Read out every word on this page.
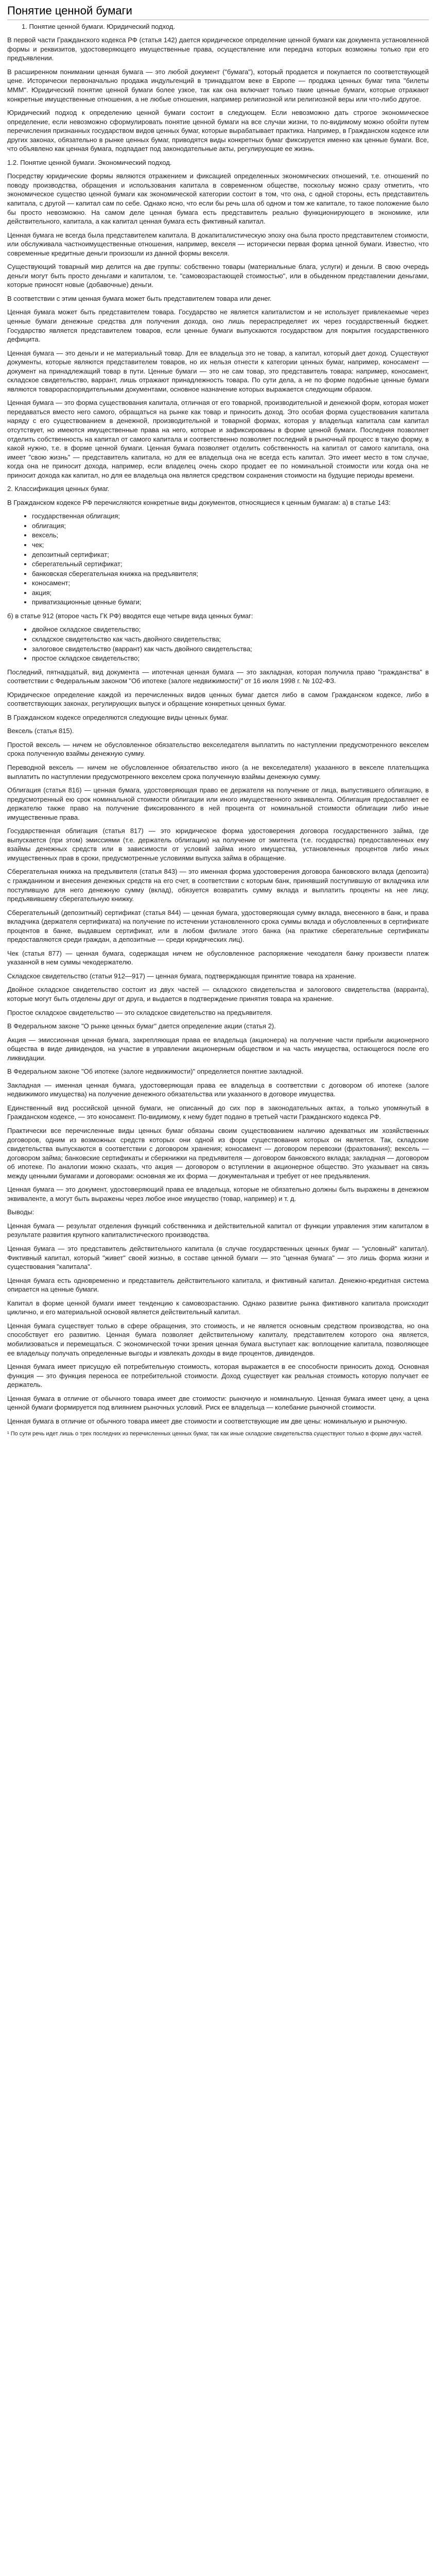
Понятие ценной бумаги
1. Понятие ценной бумаги. Юридический подход.

В первой части Гражданского кодекса РФ (статья 142) дается юридическое определение ценной бумаги как документа установленной формы и реквизитов, удостоверяющего имущественные права, осуществление или передача которых возможны только при его предъявлении.

В расширенном понимании ценная бумага — это любой документ ("бумага"), который продается и покупается по соответствующей цене. Исторически первоначально продажа индульгенций в тринадцатом веке в Европе — продажа ценных бумаг типа "билеты МММ". Юридический понятие ценной бумаги более узкое, так как она включает только такие ценные бумаги, которые отражают конкретные имущественные отношения, а не любые отношения, например религиозной или религиозной веры или что-либо другое.

Юридический подход к определению ценной бумаги состоит в следующем. Если невозможно дать строгое экономическое определение, если невозможно сформулировать понятие ценной бумаги на все случаи жизни, то по-видимому можно обойти путем перечисления признанных государством видов ценных бумаг, которые вырабатывает практика. Например, в Гражданском кодексе или других законах, обязательно в рынке ценных бумаг, приводятся виды конкретных бумаг фиксируется именно как ценные бумаги. Все, что объявлено как ценная бумага, подпадает под законодательные акты, регулирующие ее жизнь.

1.2. Понятие ценной бумаги. Экономический подход.

Посредству юридические формы являются отражением и фиксацией определенных экономических отношений, т.е. отношений по поводу производства, обращения и использования капитала в современном обществе, поскольку можно сразу отметить, что экономическое существо ценной бумаги как экономической категории состоит в том, что она, с одной стороны, есть представитель капитала, с другой — капитал сам по себе. Однако ясно, что если бы речь шла об одном и том же капитале, то такое положение было бы просто невозможно. На самом деле ценная бумага есть представитель реально функционирующего в экономике, или действительного, капитала, а как капитал ценная бумага есть фиктивный капитал.

Ценная бумага не всегда была представителем капитала. В докапиталистическую эпоху она была просто представителем стоимости, или обслуживала частноимущественные отношения, например, векселя — исторически первая форма ценной бумаги. Известно, что современные кредитные деньги произошли из данной формы векселя.

Существующий товарный мир делится на две группы: собственно товары (материальные блага, услуги) и деньги. В свою очередь деньги могут быть просто деньгами и капиталом, т.е. "самовозрастающей стоимостью", или в обыденном представлении деньгами, которые приносят новые (добавочные) деньги.

В соответствии с этим ценная бумага может быть представителем товара или денег.

Ценная бумага может быть представителем товара. Государство не является капиталистом и не использует привлекаемые через ценные бумаги денежные средства для получения дохода, оно лишь перераспределяет их через государственный бюджет. Государство является представителем товаров, если ценные бумаги выпускаются государством для покрытия государственного дефицита.

Ценная бумага — это деньги и не материальный товар. Для ее владельца это не товар, а капитал, который дает доход. Существуют документы, которые являются представителем товаров, но их нельзя отнести к категории ценных бумаг, например, коносамент — документ на принадлежащий товар в пути. Ценные бумаги — это не сам товар, это представитель товара: например, коносамент, складское свидетельство, варрант, лишь отражают принадлежность товара. По сути дела, а не по форме подобные ценные бумаги являются товарораспорядительными документами, основное назначение которых выражается следующим образом.

Ценная бумага — это форма существования капитала, отличная от его товарной, производительной и денежной форм, которая может передаваться вместо него самого, обращаться на рынке как товар и приносить доход. Это особая форма существования капитала наряду с его существованием в денежной, производительной и товарной формах, которая у владельца капитала сам капитал отсутствует, но имеются имущественные права на него, которые и зафиксированы в форме ценной бумаги. Последняя позволяет отделить собственность на капитал от самого капитала и соответственно позволяет последний в рыночный процесс в такую форму, в какой нужно, т.е. в форме ценной бумаги. Ценная бумага позволяет отделить собственность на капитал от самого капитала, она имеет "свою жизнь" — представитель капитала, но для ее владельца она не всегда есть капитал. Это имеет место в том случае, когда она не приносит дохода, например, если владелец очень скоро продает ее по номинальной стоимости или когда она не приносит дохода как капитал, но для ее владельца она является средством сохранения стоимости на будущие периоды времени.

2. Классификация ценных бумаг.

В Гражданском кодексе РФ перечисляются конкретные виды документов, относящиеся к ценным бумагам: а) в статье 143:

• государственная облигация;
• облигация;
• вексель;
• чек;
• депозитный сертификат;
• сберегательный сертификат;
• банковская сберегательная книжка на предъявителя;
• коносамент;
• акция;
• приватизационные ценные бумаги;

б) в статье 912 (второе часть ГК РФ) вводятся еще четыре вида ценных бумаг:

• двойное складское свидетельство;
• складское свидетельство как часть двойного свидетельства;
• залоговое свидетельство (варрант) как часть двойного свидетельства;
• простое складское свидетельство;

Последний, пятнадцатый, вид документа — ипотечная ценная бумага — это закладная, которая получила право "гражданства" в соответствии с Федеральным законом "Об ипотеке (залоге недвижимости)" от 16 июля 1998 г. № 102-ФЗ.

Юридическое определение каждой из перечисленных видов ценных бумаг дается либо в самом Гражданском кодексе, либо в соответствующих законах, регулирующих выпуск и обращение конкретных ценных бумаг.

В Гражданском кодексе определяются следующие виды ценных бумаг.

Вексель (статья 815).

Простой вексель — ничем не обусловленное обязательство векселедателя выплатить по наступлении предусмотренного векселем срока полученную взаймы денежную сумму.

Переводной вексель — ничем не обусловленное обязательство иного (а не векселедателя) указанного в векселе плательщика выплатить по наступлении предусмотренного векселем срока полученную взаймы денежную сумму.

Облигация (статья 816) — ценная бумага, удостоверяющая право ее держателя на получение от лица, выпустившего облигацию, в предусмотренный ею срок номинальной стоимости облигации или иного имущественного эквивалента. Облигация предоставляет ее держателю также право на получение фиксированного в ней процента от номинальной стоимости облигации либо иные имущественные права.

Государственная облигация (статья 817) — это юридическое форма удостоверения договора государственного займа, где выпускается (при этом) эмиссиями (т.е. держатель облигации) на получение от эмитента (т.е. государства) предоставленных ему взаймы денежных средств или в зависимости от условий займа иного имущества, установленных процентов либо иных имущественных прав в сроки, предусмотренные условиями выпуска займа в обращение.

Сберегательная книжка на предъявителя (статья 843) — это именная форма удостоверения договора банковского вклада (депозита) с гражданином и внесения денежных средств на его счет, в соответствии с которым банк, принявший поступившую от вкладчика или поступившую для него денежную сумму (вклад), обязуется возвратить сумму вклада и выплатить проценты на нее лицу, предъявившему сберегательную книжку.

Сберегательный (депозитный) сертификат (статья 844) — ценная бумага, удостоверяющая сумму вклада, внесенного в банк, и права вкладчика (держателя сертификата) на получение по истечении установленного срока суммы вклада и обусловленных в сертификате процентов в банке, выдавшем сертификат, или в любом филиале этого банка (на практике сберегательные сертификаты предоставляются среди граждан, а депозитные — среди юридических лиц).

Чек (статья 877) — ценная бумага, содержащая ничем не обусловленное распоряжение чекодателя банку произвести платеж указанной в нем суммы чекодержателю.

Складское свидетельство (статьи 912—917) — ценная бумага, подтверждающая принятие товара на хранение.

Двойное складское свидетельство состоит из двух частей — складского свидетельства и залогового свидетельства (варранта), которые могут быть отделены друг от друга, и выдается в подтверждение принятия товара на хранение.

Простое складское свидетельство — это складское свидетельство на предъявителя.

В Федеральном законе "О рынке ценных бумаг" дается определение акции (статья 2).

Акция — эмиссионная ценная бумага, закрепляющая права ее владельца (акционера) на получение части прибыли акционерного общества в виде дивидендов, на участие в управлении акционерным обществом и на часть имущества, остающегося после его ликвидации.

В Федеральном законе "Об ипотеке (залоге недвижимости)" определяется понятие закладной.

Закладная — именная ценная бумага, удостоверяющая права ее владельца в соответствии с договором об ипотеке (залоге недвижимого имущества) на получение денежного обязательства или указанного в договоре имущества.

Единственный вид российской ценной бумаги, не описанный до сих пор в законодательных актах, а только упомянутый в Гражданском кодексе, — это коносамент. По-видимому, к нему будет подано в третьей части Гражданского кодекса РФ.

Практически все перечисленные виды ценных бумаг обязаны своим существованием наличию адекватных им хозяйственных договоров, одним из возможных средств которых они одной из форм существования которых он является. Так, складские свидетельства выпускаются в соответствии с договором хранения; коносамент — договором перевозки (фрахтования); вексель — договором займа; банковские сертификаты и сберкнижки на предъявителя — договором банковского вклада; закладная — договором об ипотеке. По аналогии можно сказать, что акция — договором о вступлении в акционерное общество. Это указывает на связь между ценными бумагами и договорами: основная же их форма — документальная и требует от нее предъявления.

Ценная бумага — это документ, удостоверяющий права ее владельца, которые не обязательно должны быть выражены в денежном эквиваленте, а могут быть выражены через любое иное имущество (товар, например) и т. д.

Выводы:

Ценная бумага — результат отделения функций собственника и действительной капитал от функции управления этим капиталом в результате развития крупного капиталистического производства.

Ценная бумага — это представитель действительного капитала (в случае государственных ценных бумаг — "условный" капитал). Фиктивный капитал, который "живет" своей жизнью, в составе ценной бумаги — это "ценная бумага" — это лишь форма жизни и существования "капитала".

Ценная бумага есть одновременно и представитель действительного капитала, и фиктивный капитал. Денежно-кредитная система опирается на ценные бумаги.

Капитал в форме ценной бумаги имеет тенденцию к самовозрастанию. Однако развитие рынка фиктивного капитала происходит циклично, и его материальной основой является действительный капитал.

Ценная бумага существует только в сфере обращения, это стоимость, и не является основным средством производства, но она способствует его развитию. Ценная бумага позволяет действительному капиталу, представителем которого она является, мобилизоваться и перемещаться. С экономической точки зрения ценная бумага выступает как: воплощение капитала, позволяющее ее владельцу получать определенные выгоды и извлекать доходы в виде процентов, дивидендов.

Ценная бумага имеет присущую ей потребительную стоимость, которая выражается в ее способности приносить доход. Основная функция — это функция переноса ее потребительной стоимости. Доход существует как реальная стоимость которую получает ее держатель.

Ценная бумага в отличие от обычного товара имеет две стоимости: рыночную и номинальную. Ценная бумага имеет цену, а цена ценной бумаги формируется под влиянием рыночных условий. Риск ее владельца — колебание рыночной стоимости.

Ценная бумага в отличие от обычного товара имеет две стоимости и соответствующие им две цены: номинальную и рыночную.

¹ По сути речь идет лишь о трех последних из перечисленных ценных бумаг, так как иные складские свидетельства существуют только в форме двух частей.
